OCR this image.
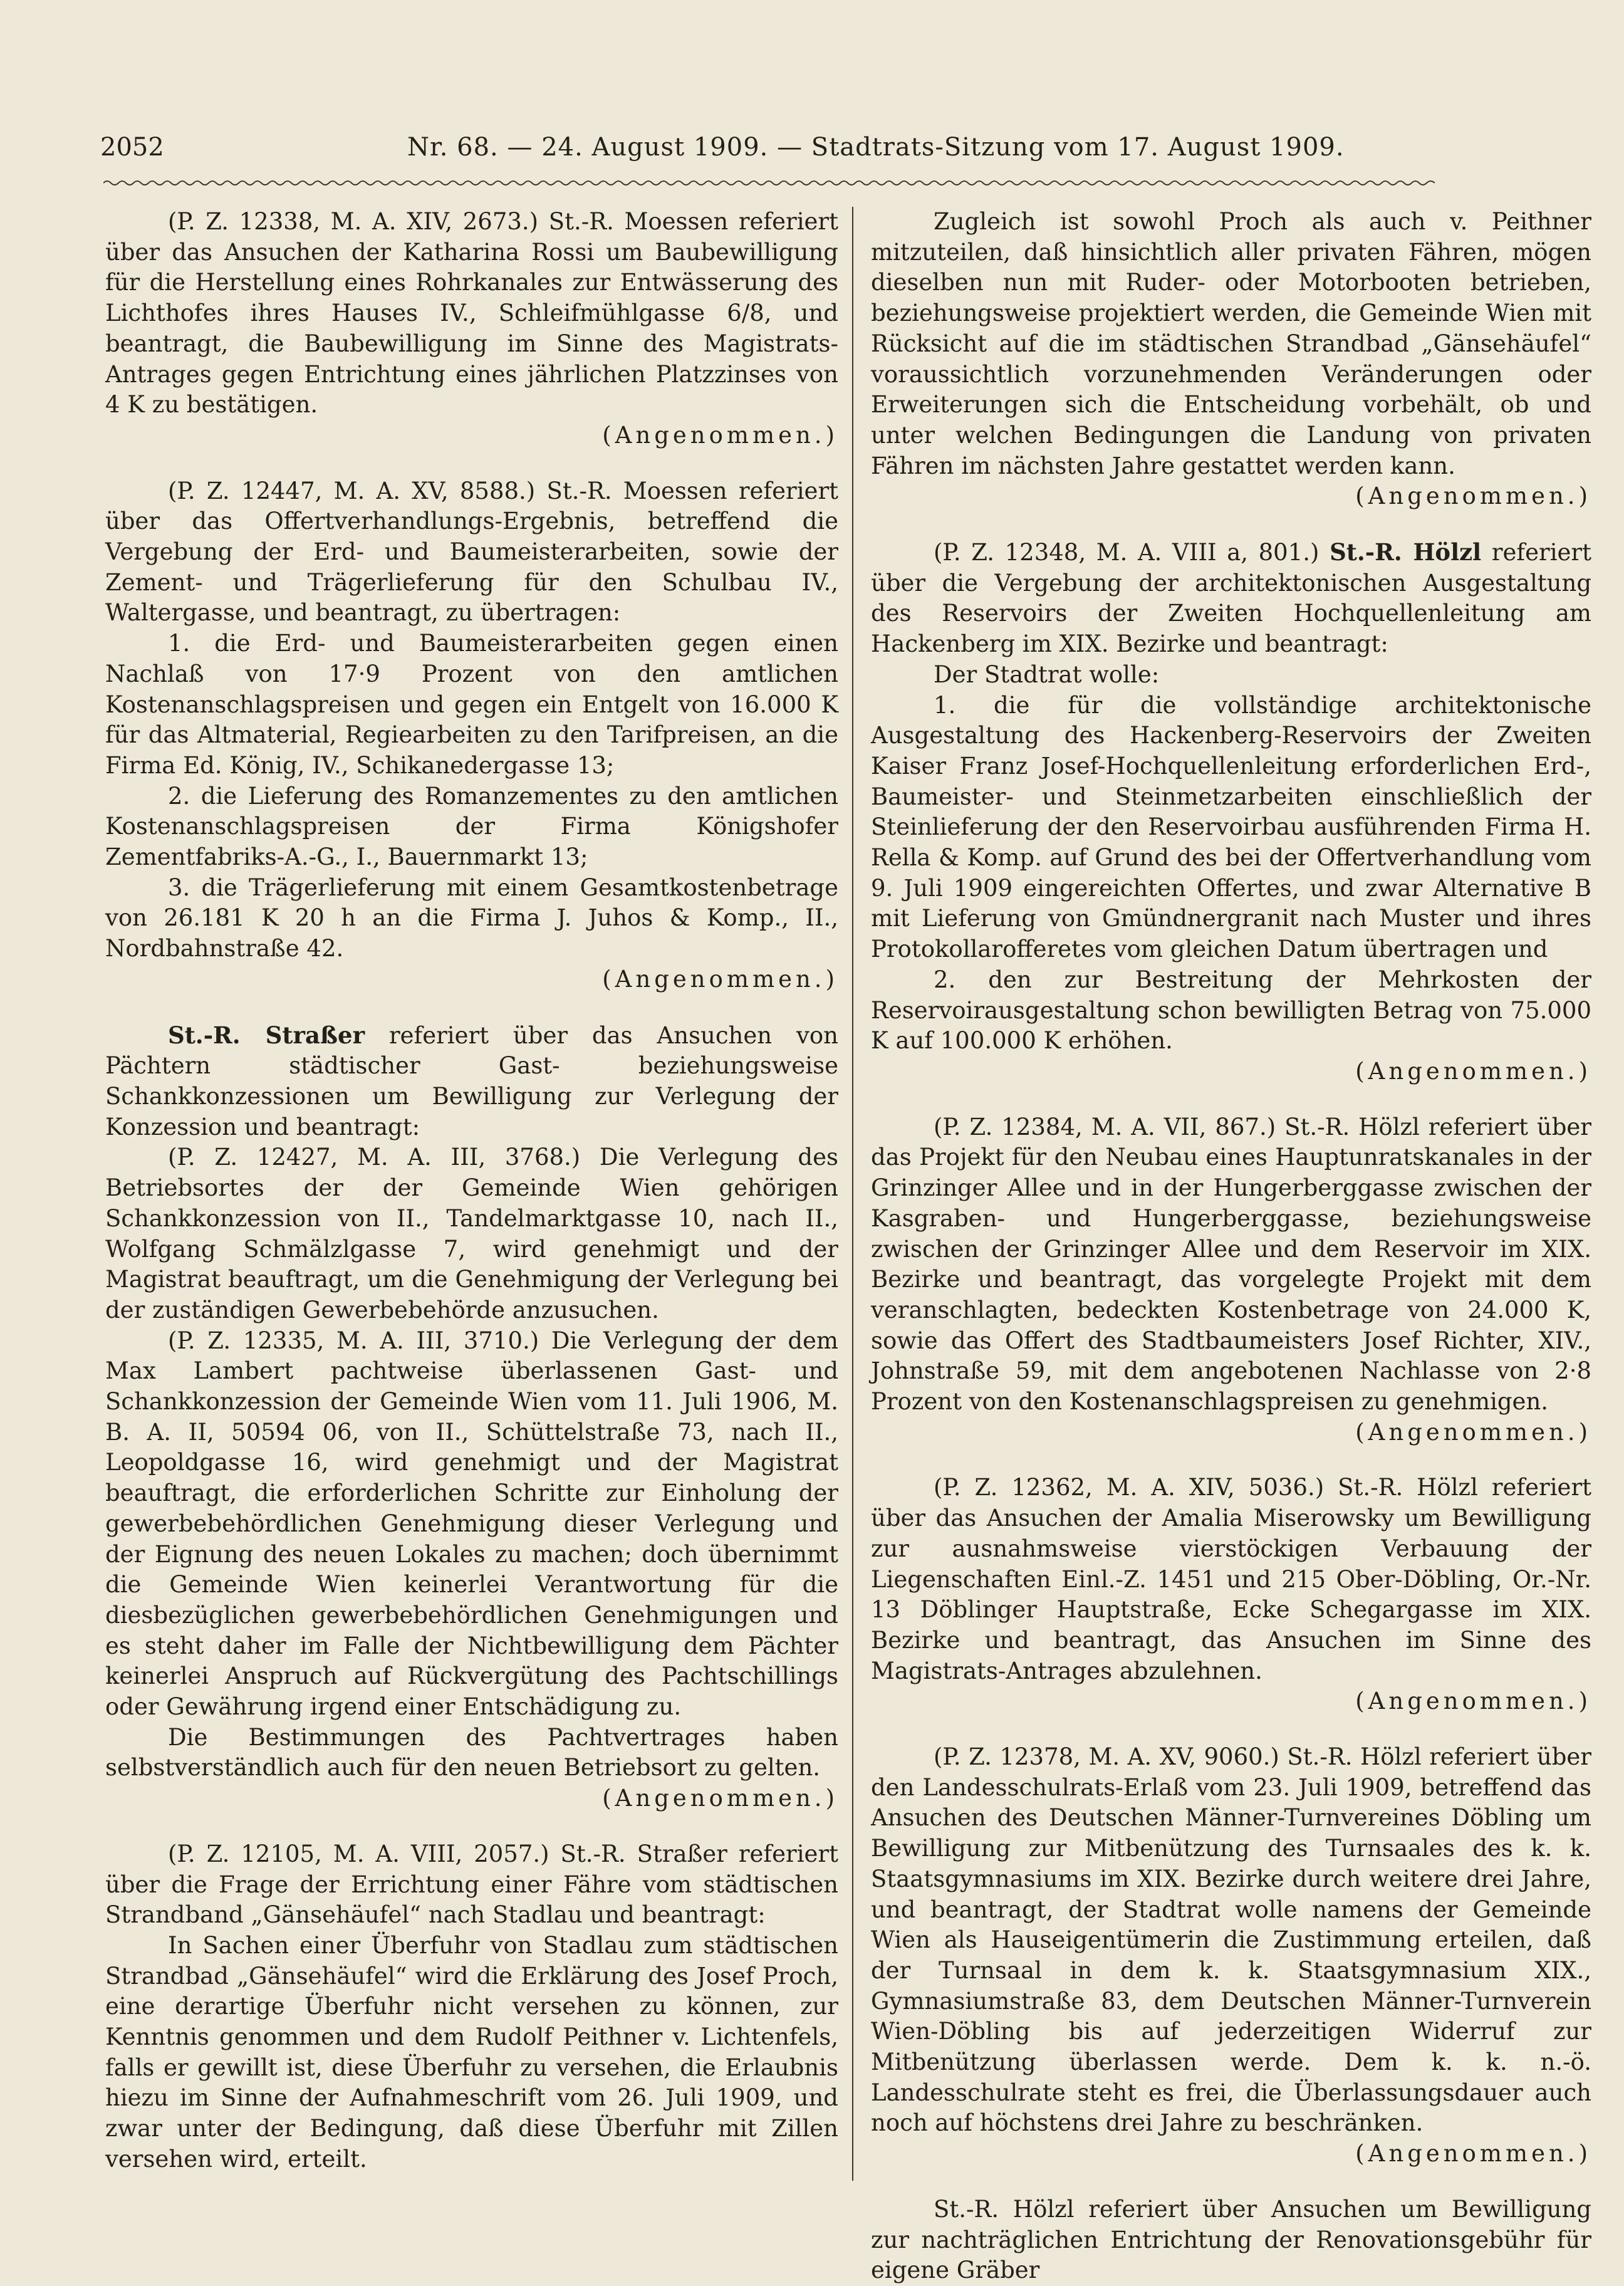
2052	Nr. 68. — 24. August 1909. — Stadtrats-Sitzung vom 17. August 1909.
(P. Z. 12338, M. A. XIV, 2673.) St.-R. Moessen referiert über das Ansuchen der Katharina Rossi um Baubewilligung für die Herstellung eines Rohrkanales zur Entwässerung des Lichthofes ihres Hauses IV., Schleifmühlgasse 6/8, und beantragt, die Baubewilligung im Sinne des Magistrats-Antrages gegen Entrichtung eines jährlichen Platzzinses von 4 K zu bestätigen.
(Angenommen.)

(P. Z. 12447, M. A. XV, 8588.) St.-R. Moessen referiert über das Offertverhandlungs-Ergebnis, betreffend die Vergebung der Erd- und Baumeisterarbeiten, sowie der Zement- und Trägerlieferung für den Schulbau IV., Waltergasse, und beantragt, zu übertragen:

1. die Erd- und Baumeisterarbeiten gegen einen Nachlaß von 17·9 Prozent von den amtlichen Kostenanschlagspreisen und gegen ein Entgelt von 16.000 K für das Altmaterial, Regiearbeiten zu den Tarifpreisen, an die Firma Ed. König, IV., Schikanedergasse 13;

2. die Lieferung des Romanzementes zu den amtlichen Kostenanschlagspreisen der Firma Königshofer Zementfabriks-A.-G., I., Bauernmarkt 13;

3. die Trägerlieferung mit einem Gesamtkostenbetrage von 26.181 K 20 h an die Firma J. Juhos & Komp., II., Nordbahnstraße 42.

(Angenommen.)

St.-R. Straßer referiert über das Ansuchen von Pächtern städtischer Gast- beziehungsweise Schankkonzessionen um Bewilligung zur Verlegung der Konzession und beantragt:

(P. Z. 12427, M. A. III, 3768.) Die Verlegung des Betriebsortes der der Gemeinde Wien gehörigen Schankkonzession von II., Tandelmarktgasse 10, nach II., Wolfgang Schmälzlgasse 7, wird genehmigt und der Magistrat beauftragt, um die Genehmigung der Verlegung bei der zuständigen Gewerbebehörde anzusuchen.

(P. Z. 12335, M. A. III, 3710.) Die Verlegung der dem Max Lambert pachtweise überlassenen Gast- und Schankkonzession der Gemeinde Wien vom 11. Juli 1906, M. B. A. II, 50594 06, von II., Schüttelstraße 73, nach II., Leopoldgasse 16, wird genehmigt und der Magistrat beauftragt, die erforderlichen Schritte zur Einholung der gewerbebehördlichen Genehmigung dieser Verlegung und der Eignung des neuen Lokales zu machen; doch übernimmt die Gemeinde Wien keinerlei Verantwortung für die diesbezüglichen gewerbebehördlichen Genehmigungen und es steht daher im Falle der Nichtbewilligung dem Pächter keinerlei Anspruch auf Rückvergütung des Pachtschillings oder Gewährung irgend einer Entschädigung zu.

Die Bestimmungen des Pachtvertrages haben selbstverständlich auch für den neuen Betriebsort zu gelten.

(Angenommen.)

(P. Z. 12105, M. A. VIII, 2057.) St.-R. Straßer referiert über die Frage der Errichtung einer Fähre vom städtischen Strandband „Gänsehäufel“ nach Stadlau und beantragt:

In Sachen einer Überfuhr von Stadlau zum städtischen Strandbad „Gänsehäufel“ wird die Erklärung des Josef Proch, eine derartige Überfuhr nicht versehen zu können, zur Kenntnis genommen und dem Rudolf Peithner v. Lichtenfels, falls er gewillt ist, diese Überfuhr zu versehen, die Erlaubnis hiezu im Sinne der Aufnahmeschrift vom 26. Juli 1909, und zwar unter der Bedingung, daß diese Überfuhr mit Zillen versehen wird, erteilt.

Zugleich ist sowohl Proch als auch v. Peithner mitzuteilen, daß hinsichtlich aller privaten Fähren, mögen dieselben nun mit Ruder- oder Motorbooten betrieben, beziehungsweise projektiert werden, die Gemeinde Wien mit Rücksicht auf die im städtischen Strandbad „Gänsehäufel“ voraussichtlich vorzunehmenden Veränderungen oder Erweiterungen sich die Entscheidung vorbehält, ob und unter welchen Bedingungen die Landung von privaten Fähren im nächsten Jahre gestattet werden kann.
(Angenommen.)

(P. Z. 12348, M. A. VIII a, 801.) St.-R. Hölzl referiert über die Vergebung der architektonischen Ausgestaltung des Reservoirs der Zweiten Hochquellenleitung am Hackenberg im XIX. Bezirke und beantragt:

Der Stadtrat wolle:

1. die für die vollständige architektonische Ausgestaltung des Hackenberg-Reservoirs der Zweiten Kaiser Franz Josef-Hochquellenleitung erforderlichen Erd-, Baumeister- und Steinmetzarbeiten einschließlich der Steinlieferung der den Reservoirbau ausführenden Firma H. Rella & Komp. auf Grund des bei der Offertverhandlung vom 9. Juli 1909 eingereichten Offertes, und zwar Alternative B mit Lieferung von Gmündnergranit nach Muster und ihres Protokollarofferetes vom gleichen Datum übertragen und

2. den zur Bestreitung der Mehrkosten der Reservoirausgestaltung schon bewilligten Betrag von 75.000 K auf 100.000 K erhöhen.

(Angenommen.)
(P. Z. 12384, M. A. VII, 867.) St.-R. Hölzl referiert über das Projekt für den Neubau eines Hauptunratskanales in der Grinzinger Allee und in der Hungerberggasse zwischen der Kasgraben- und Hungerberggasse, beziehungsweise zwischen der Grinzinger Allee und dem Reservoir im XIX. Bezirke und beantragt, das vorgelegte Projekt mit dem veranschlagten, bedeckten Kostenbetrage von 24.000 K, sowie das Offert des Stadtbaumeisters Josef Richter, XIV., Johnstraße 59, mit dem angebotenen Nachlasse von 2·8 Prozent von den Kostenanschlagspreisen zu genehmigen.
(Angenommen.)
(P. Z. 12362, M. A. XIV, 5036.) St.-R. Hölzl referiert über das Ansuchen der Amalia Miserowsky um Bewilligung zur ausnahmsweise vierstöckigen Verbauung der Liegenschaften Einl.-Z. 1451 und 215 Ober-Döbling, Or.-Nr. 13 Döblinger Hauptstraße, Ecke Schegargasse im XIX. Bezirke und beantragt, das Ansuchen im Sinne des Magistrats-Antrages abzulehnen.
(Angenommen.)
(P. Z. 12378, M. A. XV, 9060.) St.-R. Hölzl referiert über den Landesschulrats-Erlaß vom 23. Juli 1909, betreffend das Ansuchen des Deutschen Männer-Turnvereines Döbling um Bewilligung zur Mitbenützung des Turnsaales des k. k. Staatsgymnasiums im XIX. Bezirke durch weitere drei Jahre, und beantragt, der Stadtrat wolle namens der Gemeinde Wien als Hauseigentümerin die Zustimmung erteilen, daß der Turnsaal in dem k. k. Staatsgymnasium XIX., Gymnasiumstraße 83, dem Deutschen Männer-Turnverein Wien-Döbling bis auf jederzeitigen Widerruf zur Mitbenützung überlassen werde. Dem k. k. n.-ö. Landesschulrate steht es frei, die Überlassungsdauer auch noch auf höchstens drei Jahre zu beschränken.
(Angenommen.)
St.-R. Hölzl referiert über Ansuchen um Bewilligung zur nachträglichen Entrichtung der Renovationsgebühr für eigene Gräber
